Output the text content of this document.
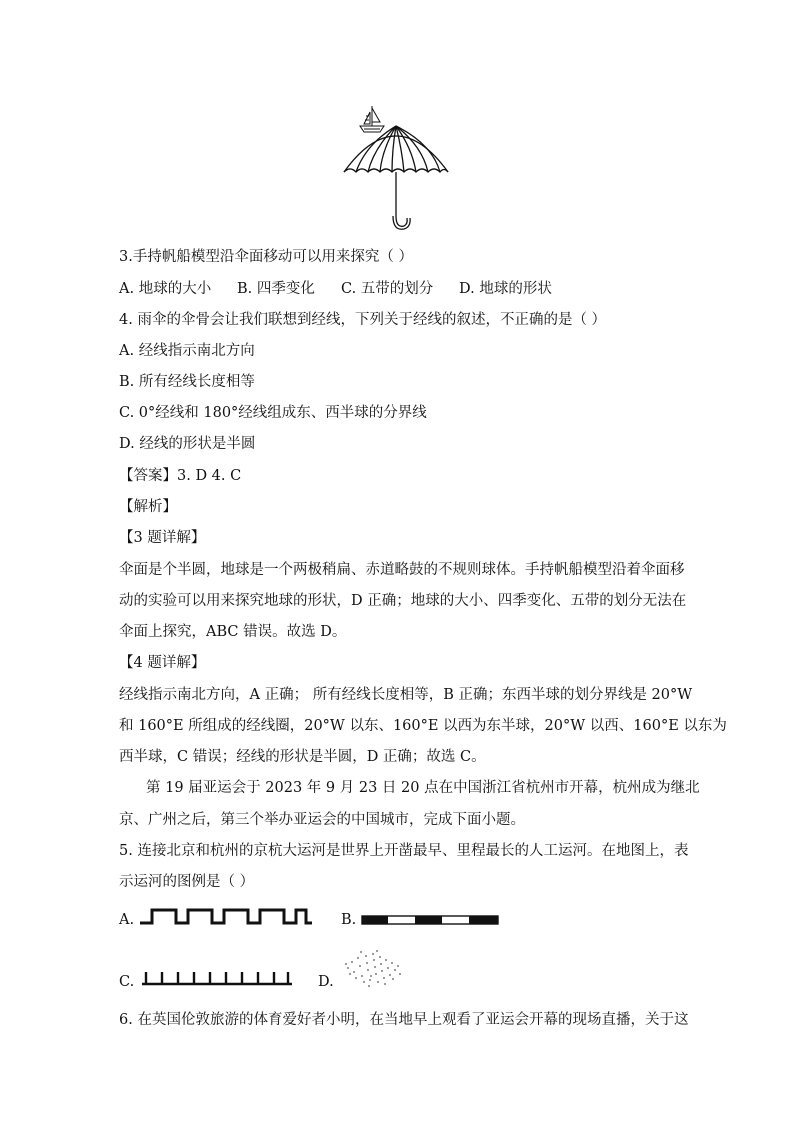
3.手持帆船模型沿伞面移动可以用来探究（ ）
A. 地球的大小	B. 四季变化	C. 五带的划分	D. 地球的形状
4. 雨伞的伞骨会让我们联想到经线，下列关于经线的叙述，不正确的是（ ）
A. 经线指示南北方向
B. 所有经线长度相等
C. 0°经线和 180°经线组成东、西半球的分界线
D. 经线的形状是半圆
【答案】3. D 4. C
【解析】
【3 题详解】
伞面是个半圆，地球是一个两极稍扁、赤道略鼓的不规则球体。手持帆船模型沿着伞面移
动的实验可以用来探究地球的形状，D 正确；地球的大小、四季变化、五带的划分无法在
伞面上探究，ABC 错误。故选 D。
【4 题详解】
经线指示南北方向，A 正确； 所有经线长度相等，B 正确；东西半球的划分界线是 20°W
和 160°E 所组成的经线圈，20°W 以东、160°E 以西为东半球，20°W 以西、160°E 以东为
西半球，C 错误；经线的形状是半圆，D 正确；故选 C。
第 19 届亚运会于 2023 年 9 月 23 日 20 点在中国浙江省杭州市开幕，杭州成为继北
京、广州之后，第三个举办亚运会的中国城市，完成下面小题。
5. 连接北京和杭州的京杭大运河是世界上开凿最早、里程最长的人工运河。在地图上，表
示运河的图例是（ ）
A.	B.
C.	D.
6. 在英国伦敦旅游的体育爱好者小明，在当地早上观看了亚运会开幕的现场直播，关于这
